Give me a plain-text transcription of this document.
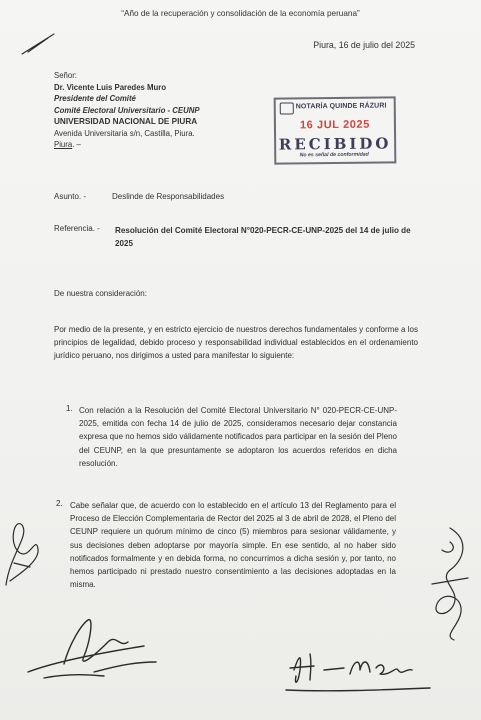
“Año de la recuperación y consolidación de la economía peruana”
Piura, 16 de julio del 2025
Señor:
Dr. Vicente Luis Paredes Muro
Presidente del Comité
Comité Electoral Universitario - CEUNP
UNIVERSIDAD NACIONAL DE PIURA
Avenida Universitaria s/n, Castilla, Piura.
Piura. –
NOTARÍA QUINDE RÁZURI
16 JUL 2025
RECIBIDO
No es señal de conformidad
Asunto. -	Deslinde de Responsabilidades
Referencia. - Resolución del Comité Electoral N°020-PECR-CE-UNP-2025 del 14 de julio de 2025
De nuestra consideración:
Por medio de la presente, y en estricto ejercicio de nuestros derechos fundamentales y conforme a los principios de legalidad, debido proceso y responsabilidad individual establecidos en el ordenamiento jurídico peruano, nos dirigimos a usted para manifestar lo siguiente:
1. Con relación a la Resolución del Comité Electoral Universitario N° 020-PECR-CE-UNP-2025, emitida con fecha 14 de julio de 2025, consideramos necesario dejar constancia expresa que no hemos sido válidamente notificados para participar en la sesión del Pleno del CEUNP, en la que presuntamente se adoptaron los acuerdos referidos en dicha resolución.
2. Cabe señalar que, de acuerdo con lo establecido en el artículo 13 del Reglamento para el Proceso de Elección Complementaria de Rector del 2025 al 3 de abril de 2028, el Pleno del CEUNP requiere un quórum mínimo de cinco (5) miembros para sesionar válidamente, y sus decisiones deben adoptarse por mayoría simple. En ese sentido, al no haber sido notificados formalmente y en debida forma, no concurrimos a dicha sesión y, por tanto, no hemos participado ni prestado nuestro consentimiento a las decisiones adoptadas en la misma.
